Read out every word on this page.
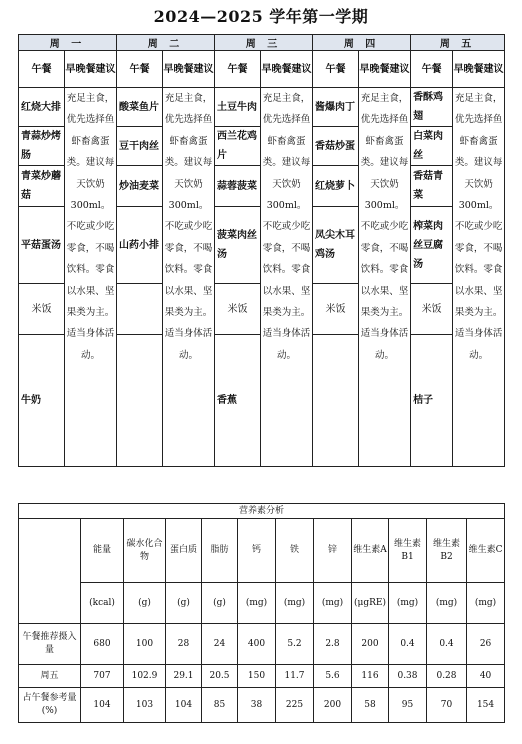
2024—2025 学年第一学期
周 一		周 二		周 三		周 四		周 五	
午餐	早晚餐建议	午餐	早晚餐建议	午餐	早晚餐建议	午餐	早晚餐建议	午餐	早晚餐建议
红烧大排	充足主食，优先选择鱼虾畜禽蛋类。建议每天饮奶300ml。不吃或少吃零食，不喝饮料。零食以水果、坚果类为主。适当身体活动。	酸菜鱼片	充足主食，优先选择鱼虾畜禽蛋类。建议每天饮奶300ml。不吃或少吃零食，不喝饮料。零食以水果、坚果类为主。适当身体活动。	土豆牛肉	充足主食，优先选择鱼虾畜禽蛋类。建议每天饮奶300ml。不吃或少吃零食，不喝饮料。零食以水果、坚果类为主。适当身体活动。	酱爆肉丁	充足主食，优先选择鱼虾畜禽蛋类。建议每天饮奶300ml。不吃或少吃零食，不喝饮料。零食以水果、坚果类为主。适当身体活动。	香酥鸡翅	充足主食，优先选择鱼虾畜禽蛋类。建议每天饮奶300ml。不吃或少吃零食，不喝饮料。零食以水果、坚果类为主。适当身体活动。
青蒜炒烤肠		豆干肉丝		西兰花鸡片		香菇炒蛋		白菜肉丝	
青菜炒蘑菇		炒油麦菜		蒜蓉菠菜		红烧萝卜		香菇青菜	
平菇蛋汤		山药小排		菠菜肉丝汤		凤尖木耳鸡汤		榨菜肉丝豆腐汤	
米饭				米饭		米饭		米饭	
牛奶				香蕉				桔子	
营养素分析											
	能量	碳水化合物	蛋白质	脂肪	钙	铁	锌	维生素A	维生素B1	维生素B2	维生素C
	(kcal)	(g)	(g)	(g)	(mg)	(mg)	(mg)	(μgRE)	(mg)	(mg)	(mg)
午餐推荐摄入量	680	100	28	24	400	5.2	2.8	200	0.4	0.4	26
周五	707	102.9	29.1	20.5	150	11.7	5.6	116	0.38	0.28	40
占午餐参考量(%)	104	103	104	85	38	225	200	58	95	70	154
